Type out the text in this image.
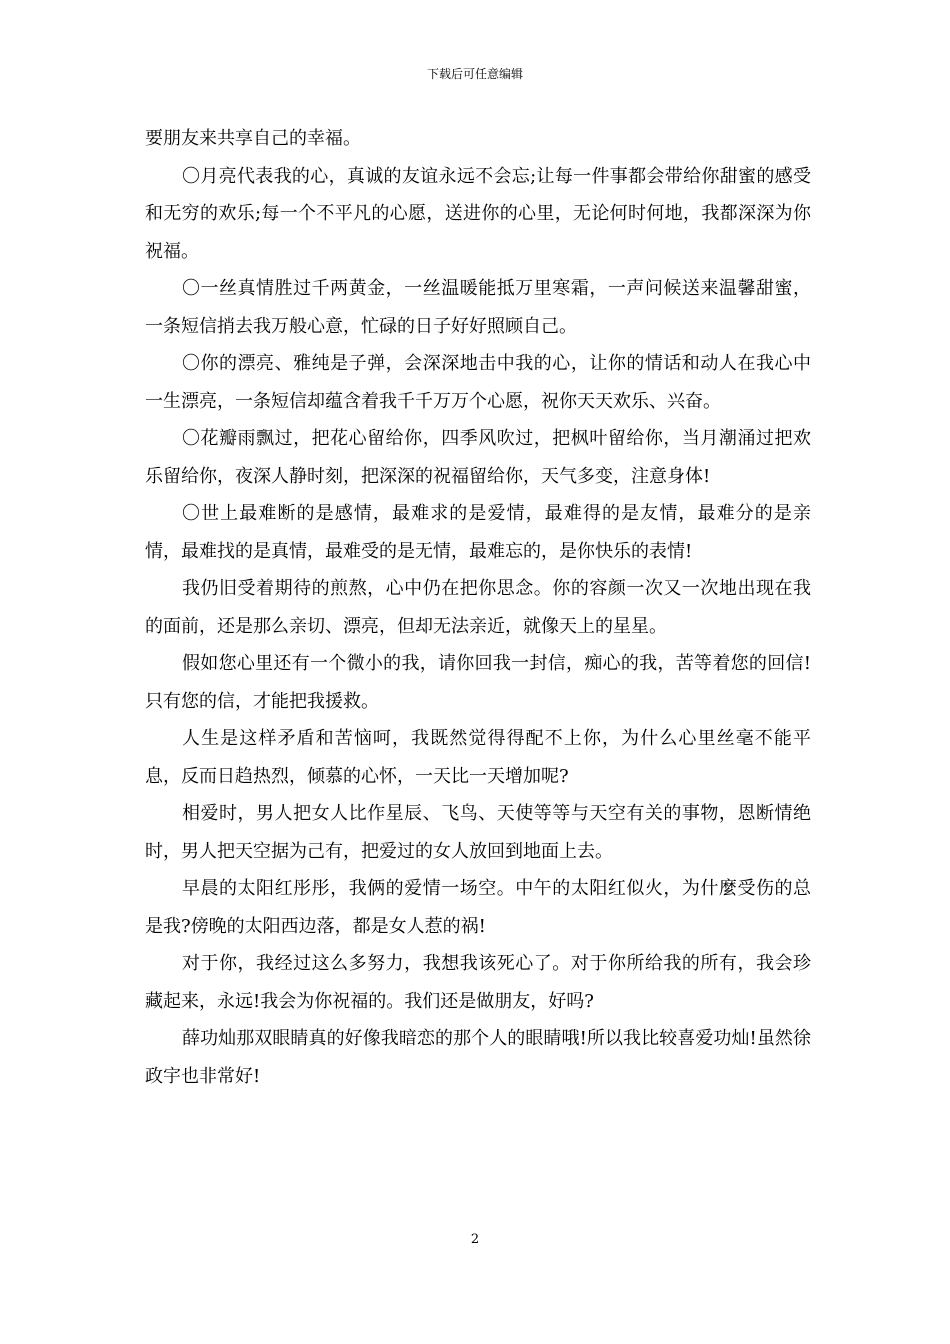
下载后可任意编辑

要朋友来共享自己的幸福。

〇月亮代表我的心，真诚的友谊永远不会忘;让每一件事都会带给你甜蜜的感受和无穷的欢乐;每一个不平凡的心愿，送进你的心里，无论何时何地，我都深深为你祝福。

〇一丝真情胜过千两黄金，一丝温暖能抵万里寒霜，一声问候送来温馨甜蜜，一条短信捎去我万般心意，忙碌的日子好好照顾自己。

〇你的漂亮、雅纯是子弹，会深深地击中我的心，让你的情话和动人在我心中一生漂亮，一条短信却蕴含着我千千万万个心愿，祝你天天欢乐、兴奋。

〇花瓣雨飘过，把花心留给你，四季风吹过，把枫叶留给你，当月潮涌过把欢乐留给你，夜深人静时刻，把深深的祝福留给你，天气多变，注意身体!

〇世上最难断的是感情，最难求的是爱情，最难得的是友情，最难分的是亲情，最难找的是真情，最难受的是无情，最难忘的，是你快乐的表情!

我仍旧受着期待的煎熬，心中仍在把你思念。你的容颜一次又一次地出现在我的面前，还是那么亲切、漂亮，但却无法亲近，就像天上的星星。

假如您心里还有一个微小的我，请你回我一封信，痴心的我，苦等着您的回信!只有您的信，才能把我援救。

人生是这样矛盾和苦恼呵，我既然觉得得配不上你，为什么心里丝毫不能平息，反而日趋热烈，倾慕的心怀，一天比一天增加呢?

相爱时，男人把女人比作星辰、飞鸟、天使等等与天空有关的事物，恩断情绝时，男人把天空据为己有，把爱过的女人放回到地面上去。

早晨的太阳红彤彤，我俩的爱情一场空。中午的太阳红似火，为什麼受伤的总是我?傍晚的太阳西边落，都是女人惹的祸!

对于你，我经过这么多努力，我想我该死心了。对于你所给我的所有，我会珍藏起来，永远!我会为你祝福的。我们还是做朋友，好吗?

薛功灿那双眼睛真的好像我暗恋的那个人的眼睛哦!所以我比较喜爱功灿!虽然徐政宇也非常好!

2
